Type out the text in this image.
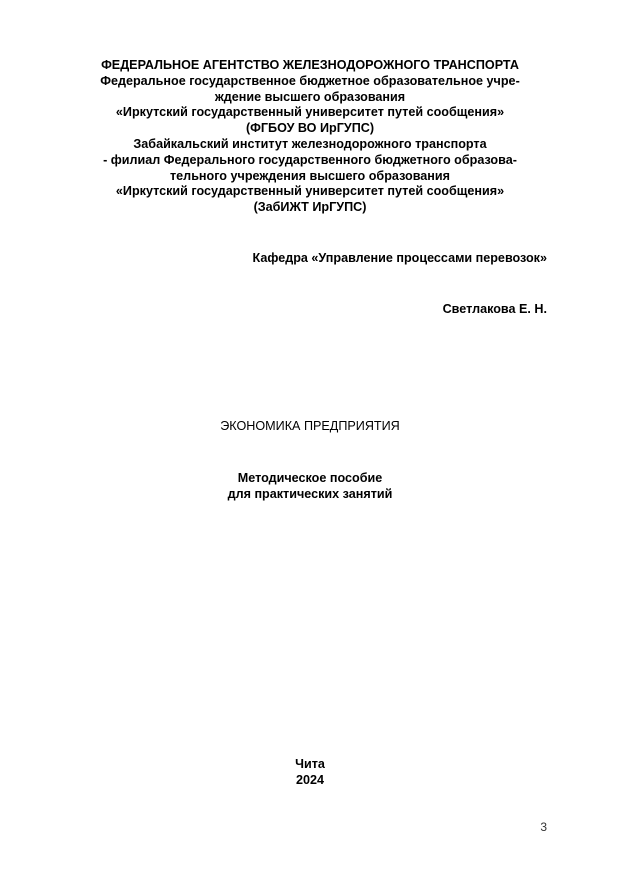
ФЕДЕРАЛЬНОЕ АГЕНТСТВО ЖЕЛЕЗНОДОРОЖНОГО ТРАНСПОРТА
Федеральное государственное бюджетное образовательное учре-
ждение высшего образования
«Иркутский государственный университет путей сообщения»
(ФГБОУ ВО ИрГУПС)
Забайкальский институт железнодорожного транспорта
- филиал Федерального государственного бюджетного образова-
тельного учреждения высшего образования
«Иркутский государственный университет путей сообщения»
(ЗабИЖТ ИрГУПС)
Кафедра «Управление процессами перевозок»
Светлакова Е. Н.
ЭКОНОМИКА ПРЕДПРИЯТИЯ
Методическое пособие
для практических занятий
Чита
2024
3
